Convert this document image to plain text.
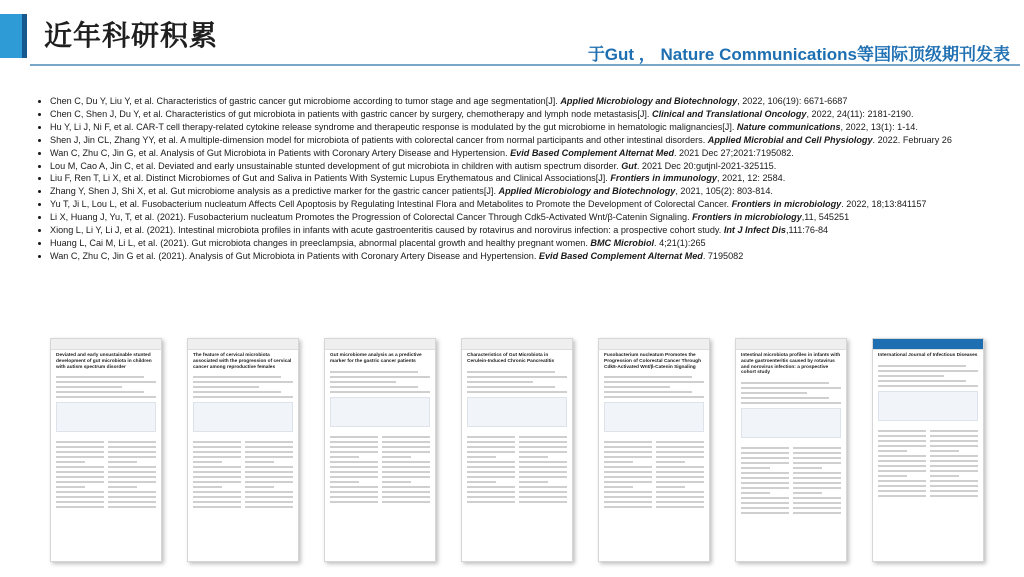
近年科研积累
于Gut ， Nature Communications等国际顶级期刊发表
• Chen C, Du Y, Liu Y, et al. Characteristics of gastric cancer gut microbiome according to tumor stage and age segmentation[J]. Applied Microbiology and Biotechnology, 2022, 106(19): 6671-6687
• Chen C, Shen J, Du Y, et al. Characteristics of gut microbiota in patients with gastric cancer by surgery, chemotherapy and lymph node metastasis[J]. Clinical and Translational Oncology, 2022, 24(11): 2181-2190.
• Hu Y, Li J, Ni F, et al. CAR-T cell therapy-related cytokine release syndrome and therapeutic response is modulated by the gut microbiome in hematologic malignancies[J]. Nature communications, 2022, 13(1): 1-14.
• Shen J, Jin CL, Zhang YY, et al. A multiple-dimension model for microbiota of patients with colorectal cancer from normal participants and other intestinal disorders. Applied Microbial and Cell Physiology. 2022. February 26
• Wan C, Zhu C, Jin G, et al. Analysis of Gut Microbiota in Patients with Coronary Artery Disease and Hypertension. Evid Based Complement Alternat Med. 2021 Dec 27;2021:7195082.
• Lou M, Cao A, Jin C, et al. Deviated and early unsustainable stunted development of gut microbiota in children with autism spectrum disorder. Gut. 2021 Dec 20:gutjnl-2021-325115.
• Liu F, Ren T, Li X, et al. Distinct Microbiomes of Gut and Saliva in Patients With Systemic Lupus Erythematous and Clinical Associations[J]. Frontiers in immunology, 2021, 12: 2584.
• Zhang Y, Shen J, Shi X, et al. Gut microbiome analysis as a predictive marker for the gastric cancer patients[J]. Applied Microbiology and Biotechnology, 2021, 105(2): 803-814.
• Yu T, Ji L, Lou L, et al. Fusobacterium nucleatum Affects Cell Apoptosis by Regulating Intestinal Flora and Metabolites to Promote the Development of Colorectal Cancer. Frontiers in microbiology. 2022, 18;13:841157
• Li X, Huang J, Yu, T, et al. (2021). Fusobacterium nucleatum Promotes the Progression of Colorectal Cancer Through Cdk5-Activated Wnt/β-Catenin Signaling. Frontiers in microbiology,11, 545251
• Xiong L, Li Y, Li J, et al. (2021). Intestinal microbiota profiles in infants with acute gastroenteritis caused by rotavirus and norovirus infection: a prospective cohort study. Int J Infect Dis,111:76-84
• Huang L, Cai M, Li L, et al. (2021). Gut microbiota changes in preeclampsia, abnormal placental growth and healthy pregnant women. BMC Microbiol. 4;21(1):265
• Wan C, Zhu C, Jin G et al. (2021). Analysis of Gut Microbiota in Patients with Coronary Artery Disease and Hypertension. Evid Based Complement Alternat Med. 7195082
Deviated and early unsustainable stunted development of gut microbiota in children with autism spectrum disorder
The feature of cervical microbiota associated with the progression of cervical cancer among reproductive females
Gut microbiome analysis as a predictive marker for the gastric cancer patients
Characteristics of Gut Microbiota in Cerulein-Induced Chronic Pancreatitis
Fusobacterium nucleatum Promotes the Progression of Colorectal Cancer Through Cdk5-Activated Wnt/β-Catenin Signaling
Intestinal microbiota profiles in infants with acute gastroenteritis caused by rotavirus and norovirus infection: a prospective cohort study
International Journal of Infectious Diseases
